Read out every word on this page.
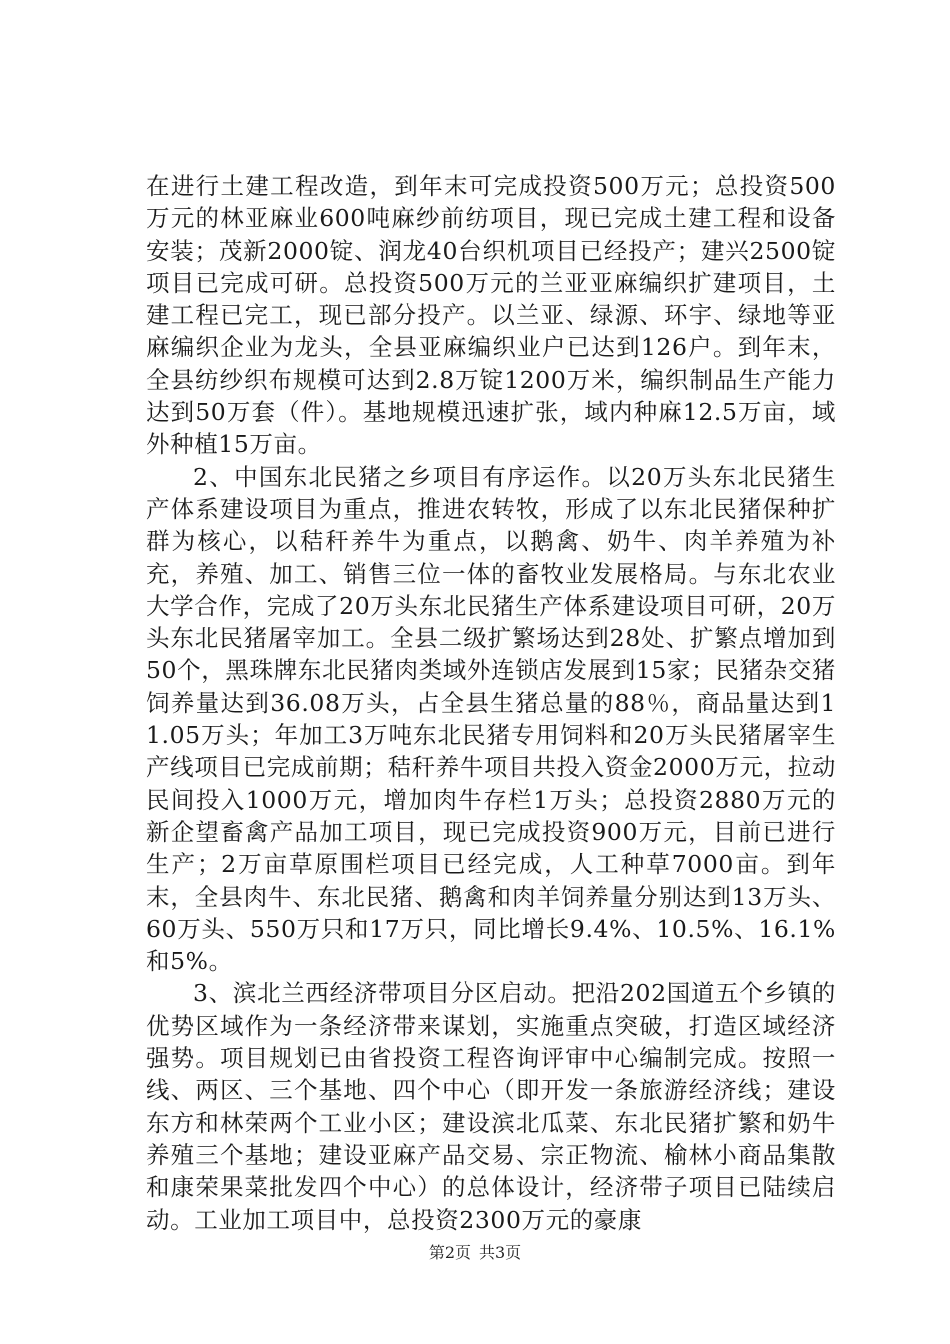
在进行土建工程改造，到年末可完成投资500万元；总投资500万元的林亚麻业600吨麻纱前纺项目，现已完成土建工程和设备安装；茂新2000锭、润龙40台织机项目已经投产；建兴2500锭项目已完成可研。总投资500万元的兰亚亚麻编织扩建项目，土建工程已完工，现已部分投产。以兰亚、绿源、环宇、绿地等亚麻编织企业为龙头，全县亚麻编织业户已达到126户。到年末，全县纺纱织布规模可达到2.8万锭1200万米，编织制品生产能力达到50万套（件）。基地规模迅速扩张，域内种麻12.5万亩，域外种植15万亩。

2、中国东北民猪之乡项目有序运作。以20万头东北民猪生产体系建设项目为重点，推进农转牧，形成了以东北民猪保种扩群为核心，以秸秆养牛为重点，以鹅禽、奶牛、肉羊养殖为补充，养殖、加工、销售三位一体的畜牧业发展格局。与东北农业大学合作，完成了20万头东北民猪生产体系建设项目可研，20万头东北民猪屠宰加工。全县二级扩繁场达到28处、扩繁点增加到50个，黑珠牌东北民猪肉类域外连锁店发展到15家；民猪杂交猪饲养量达到36.08万头，占全县生猪总量的88％，商品量达到11.05万头；年加工3万吨东北民猪专用饲料和20万头民猪屠宰生产线项目已完成前期；秸秆养牛项目共投入资金2000万元，拉动民间投入1000万元，增加肉牛存栏1万头；总投资2880万元的新企望畜禽产品加工项目，现已完成投资900万元，目前已进行生产；2万亩草原围栏项目已经完成，人工种草7000亩。到年末，全县肉牛、东北民猪、鹅禽和肉羊饲养量分别达到13万头、60万头、550万只和17万只，同比增长9.4%、10.5%、16.1%和5%。

3、滨北兰西经济带项目分区启动。把沿202国道五个乡镇的优势区域作为一条经济带来谋划，实施重点突破，打造区域经济强势。项目规划已由省投资工程咨询评审中心编制完成。按照一线、两区、三个基地、四个中心（即开发一条旅游经济线；建设东方和林荣两个工业小区；建设滨北瓜菜、东北民猪扩繁和奶牛养殖三个基地；建设亚麻产品交易、宗正物流、榆林小商品集散和康荣果菜批发四个中心）的总体设计，经济带子项目已陆续启动。工业加工项目中，总投资2300万元的豪康

第2页 共3页
